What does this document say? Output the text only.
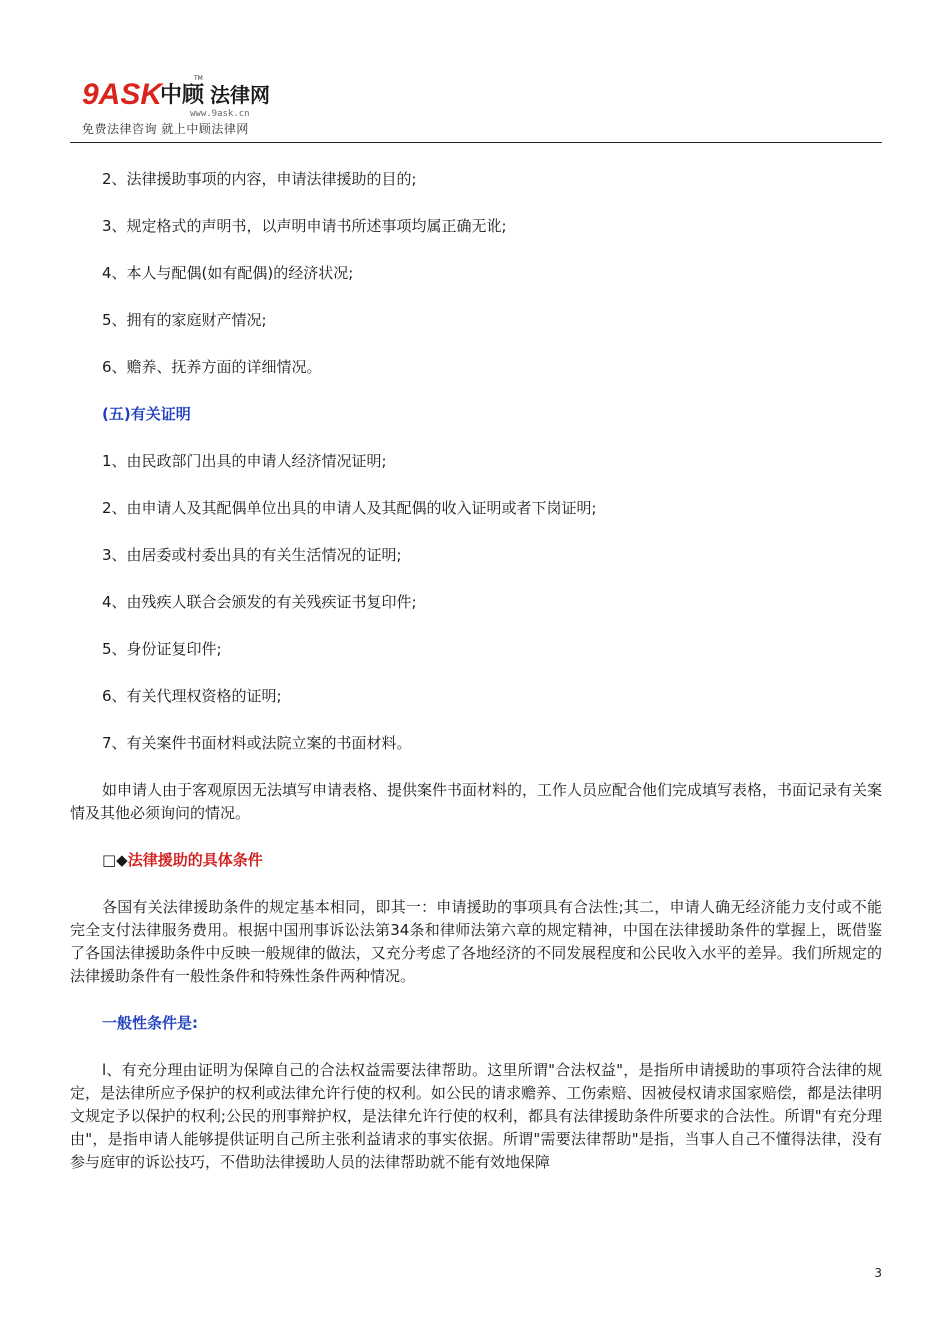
9ASK
中顾 法律网
TM
www.9ask.cn
免费法律咨询 就上中顾法律网

2、法律援助事项的内容，申请法律援助的目的;

3、规定格式的声明书，以声明申请书所述事项均属正确无讹;

4、本人与配偶(如有配偶)的经济状况;

5、拥有的家庭财产情况;

6、赡养、抚养方面的详细情况。

(五)有关证明

1、由民政部门出具的申请人经济情况证明;

2、由申请人及其配偶单位出具的申请人及其配偶的收入证明或者下岗证明;

3、由居委或村委出具的有关生活情况的证明;

4、由残疾人联合会颁发的有关残疾证书复印件;

5、身份证复印件;

6、有关代理权资格的证明;

7、有关案件书面材料或法院立案的书面材料。

如申请人由于客观原因无法填写申请表格、提供案件书面材料的，工作人员应配合他们完成填写表格，书面记录有关案情及其他必须询问的情况。

□◆法律援助的具体条件

各国有关法律援助条件的规定基本相同，即其一：申请援助的事项具有合法性;其二，申请人确无经济能力支付或不能完全支付法律服务费用。根据中国刑事诉讼法第34条和律师法第六章的规定精神，中国在法律援助条件的掌握上，既借鉴了各国法律援助条件中反映一般规律的做法，又充分考虑了各地经济的不同发展程度和公民收入水平的差异。我们所规定的法律援助条件有一般性条件和特殊性条件两种情况。

一般性条件是:

l、有充分理由证明为保障自己的合法权益需要法律帮助。这里所谓"合法权益"，是指所申请援助的事项符合法律的规定，是法律所应予保护的权利或法律允许行使的权利。如公民的请求赡养、工伤索赔、因被侵权请求国家赔偿，都是法律明文规定予以保护的权利;公民的刑事辩护权，是法律允许行使的权利，都具有法律援助条件所要求的合法性。所谓"有充分理由"，是指申请人能够提供证明自己所主张利益请求的事实依据。所谓"需要法律帮助"是指，当事人自己不懂得法律，没有参与庭审的诉讼技巧，不借助法律援助人员的法律帮助就不能有效地保障

3
